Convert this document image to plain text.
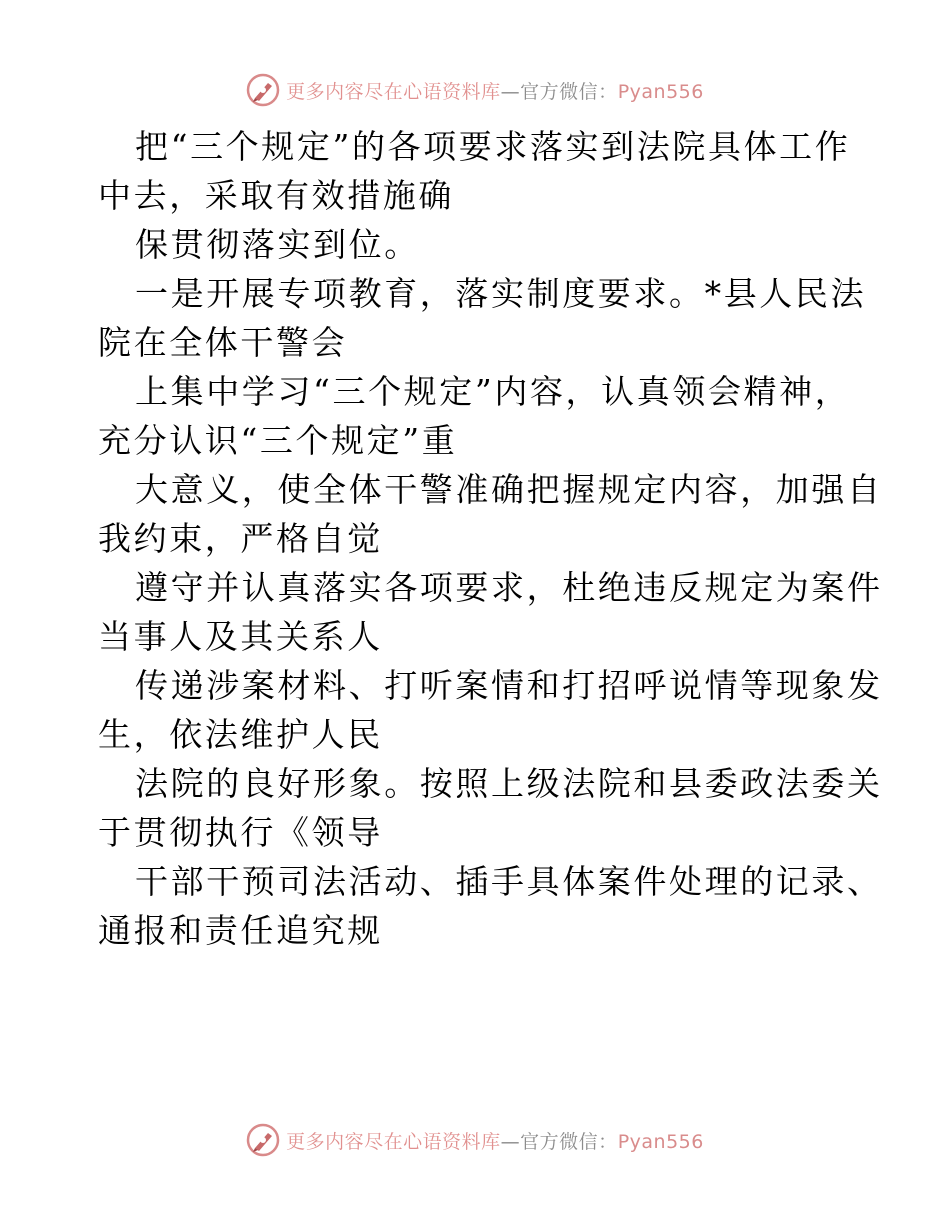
更多内容尽在心语资料库—官方微信：Pyan556
把“三个规定”的各项要求落实到法院具体工作
中去，采取有效措施确
保贯彻落实到位。
一是开展专项教育，落实制度要求。*县人民法
院在全体干警会
上集中学习“三个规定”内容，认真领会精神，
充分认识“三个规定”重
大意义，使全体干警准确把握规定内容，加强自
我约束，严格自觉
遵守并认真落实各项要求，杜绝违反规定为案件
当事人及其关系人
传递涉案材料、打听案情和打招呼说情等现象发
生，依法维护人民
法院的良好形象。按照上级法院和县委政法委关
于贯彻执行《领导
干部干预司法活动、插手具体案件处理的记录、
通报和责任追究规
更多内容尽在心语资料库—官方微信：Pyan556
